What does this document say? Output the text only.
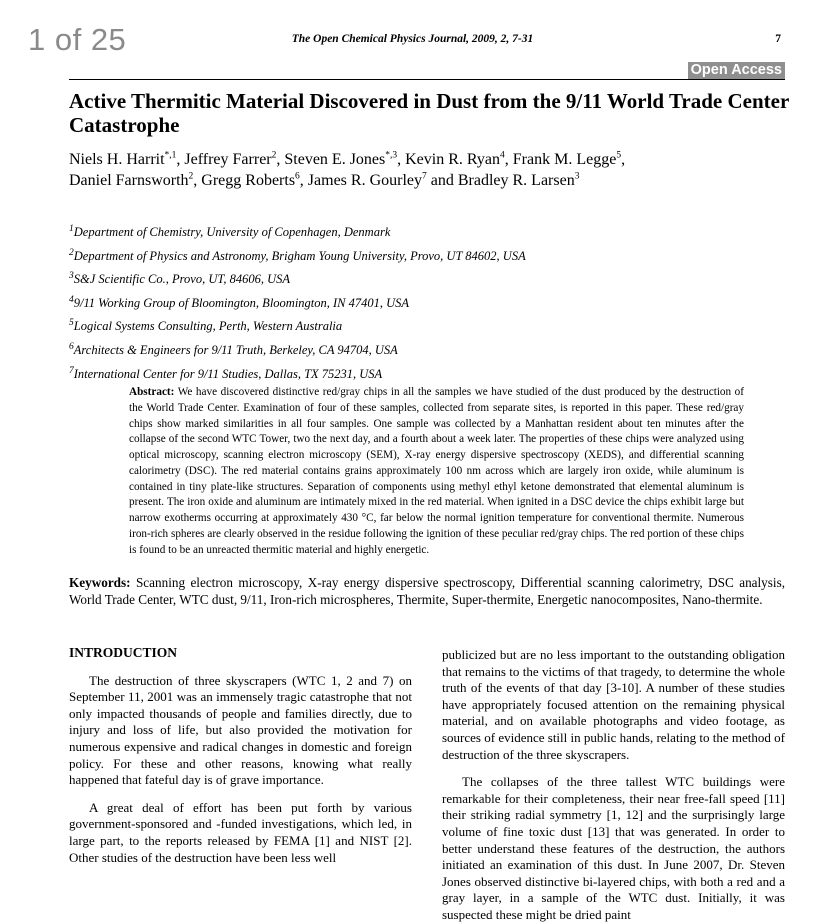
1 of 25	The Open Chemical Physics Journal, 2009, 2, 7-31	7
Open Access
Active Thermitic Material Discovered in Dust from the 9/11 World Trade Center Catastrophe
Niels H. Harrit$^{*,1}$, Jeffrey Farrer$^2$, Steven E. Jones$^{*,3}$, Kevin R. Ryan$^4$, Frank M. Legge$^5$,
Daniel Farnsworth$^2$, Gregg Roberts$^6$, James R. Gourley$^7$ and Bradley R. Larsen$^3$
$^1$Department of Chemistry, University of Copenhagen, Denmark
$^2$Department of Physics and Astronomy, Brigham Young University, Provo, UT 84602, USA
$^3$S&J Scientific Co., Provo, UT, 84606, USA
$^4$9/11 Working Group of Bloomington, Bloomington, IN 47401, USA
$^5$Logical Systems Consulting, Perth, Western Australia
$^6$Architects & Engineers for 9/11 Truth, Berkeley, CA 94704, USA
$^7$International Center for 9/11 Studies, Dallas, TX 75231, USA
Abstract: We have discovered distinctive red/gray chips in all the samples we have studied of the dust produced by the destruction of the World Trade Center. Examination of four of these samples, collected from separate sites, is reported in this paper. These red/gray chips show marked similarities in all four samples. One sample was collected by a Manhattan resident about ten minutes after the collapse of the second WTC Tower, two the next day, and a fourth about a week later. The properties of these chips were analyzed using optical microscopy, scanning electron microscopy (SEM), X-ray energy dispersive spectroscopy (XEDS), and differential scanning calorimetry (DSC). The red material contains grains approximately 100 nm across which are largely iron oxide, while aluminum is contained in tiny plate-like structures. Separation of components using methyl ethyl ketone demonstrated that elemental aluminum is present. The iron oxide and aluminum are intimately mixed in the red material. When ignited in a DSC device the chips exhibit large but narrow exotherms occurring at approximately 430 °C, far below the normal ignition temperature for conventional thermite. Numerous iron-rich spheres are clearly observed in the residue following the ignition of these peculiar red/gray chips. The red portion of these chips is found to be an unreacted thermitic material and highly energetic.
Keywords: Scanning electron microscopy, X-ray energy dispersive spectroscopy, Differential scanning calorimetry, DSC analysis, World Trade Center, WTC dust, 9/11, Iron-rich microspheres, Thermite, Super-thermite, Energetic nanocomposites, Nano-thermite.
INTRODUCTION

The destruction of three skyscrapers (WTC 1, 2 and 7) on September 11, 2001 was an immensely tragic catastrophe that not only impacted thousands of people and families directly, due to injury and loss of life, but also provided the motivation for numerous expensive and radical changes in domestic and foreign policy. For these and other reasons, knowing what really happened that fateful day is of grave importance.

A great deal of effort has been put forth by various government-sponsored and -funded investigations, which led, in large part, to the reports released by FEMA [1] and NIST [2]. Other studies of the destruction have been less well

publicized but are no less important to the outstanding obligation that remains to the victims of that tragedy, to determine the whole truth of the events of that day [3-10]. A number of these studies have appropriately focused attention on the remaining physical material, and on available photographs and video footage, as sources of evidence still in public hands, relating to the method of destruction of the three skyscrapers.

The collapses of the three tallest WTC buildings were remarkable for their completeness, their near free-fall speed [11] their striking radial symmetry [1, 12] and the surprisingly large volume of fine toxic dust [13] that was generated. In order to better understand these features of the destruction, the authors initiated an examination of this dust. In June 2007, Dr. Steven Jones observed distinctive bi-layered chips, with both a red and a gray layer, in a sample of the WTC dust. Initially, it was suspected these might be dried paint
